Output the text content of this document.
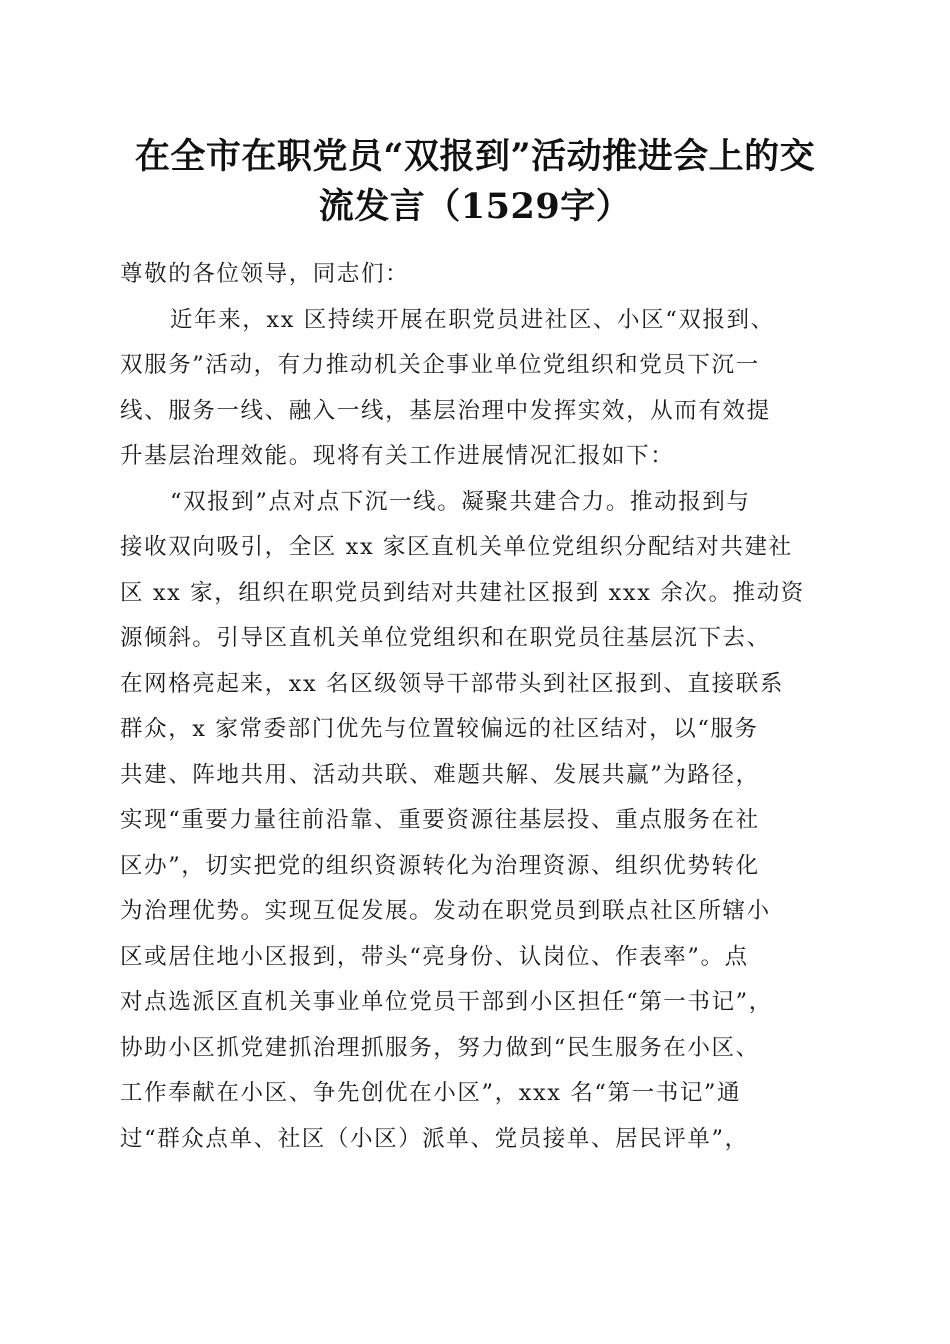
在全市在职党员“双报到”活动推进会上的交
流发言（1529字）
尊敬的各位领导，同志们：
近年来，xx 区持续开展在职党员进社区、小区“双报到、
双服务”活动，有力推动机关企事业单位党组织和党员下沉一
线、服务一线、融入一线，基层治理中发挥实效，从而有效提
升基层治理效能。现将有关工作进展情况汇报如下：
“双报到”点对点下沉一线。凝聚共建合力。推动报到与
接收双向吸引，全区 xx 家区直机关单位党组织分配结对共建社
区 xx 家，组织在职党员到结对共建社区报到 xxx 余次。推动资
源倾斜。引导区直机关单位党组织和在职党员往基层沉下去、
在网格亮起来，xx 名区级领导干部带头到社区报到、直接联系
群众，x 家常委部门优先与位置较偏远的社区结对，以“服务
共建、阵地共用、活动共联、难题共解、发展共赢”为路径，
实现“重要力量往前沿靠、重要资源往基层投、重点服务在社
区办”，切实把党的组织资源转化为治理资源、组织优势转化
为治理优势。实现互促发展。发动在职党员到联点社区所辖小
区或居住地小区报到，带头“亮身份、认岗位、作表率”。点
对点选派区直机关事业单位党员干部到小区担任“第一书记”，
协助小区抓党建抓治理抓服务，努力做到“民生服务在小区、
工作奉献在小区、争先创优在小区”，xxx 名“第一书记”通
过“群众点单、社区（小区）派单、党员接单、居民评单”，
